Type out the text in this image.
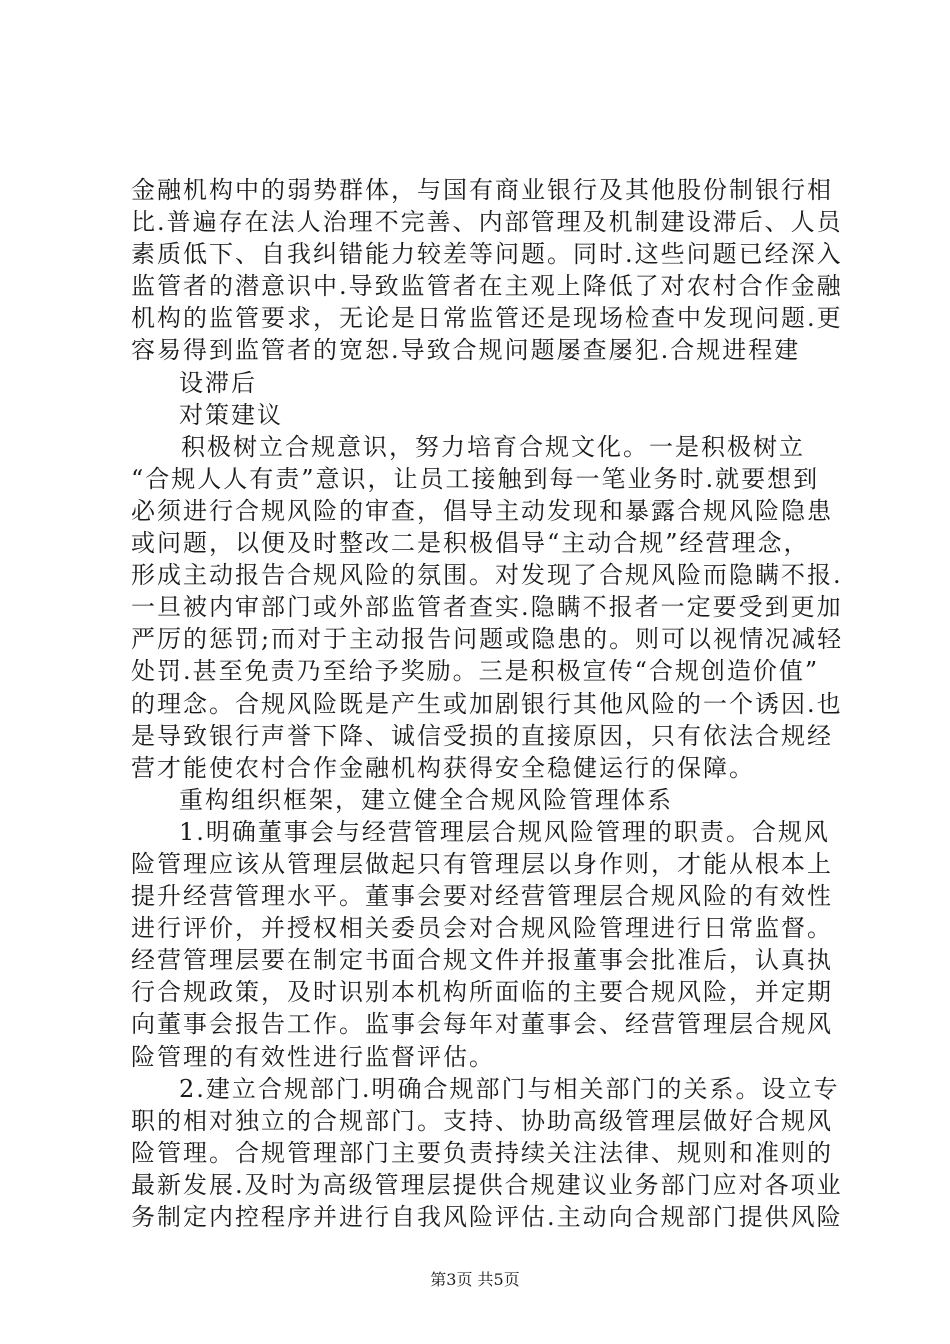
金融机构中的弱势群体，与国有商业银行及其他股份制银行相
比.普遍存在法人治理不完善、内部管理及机制建设滞后、人员
素质低下、自我纠错能力较差等问题。同时.这些问题已经深入
监管者的潜意识中.导致监管者在主观上降低了对农村合作金融
机构的监管要求，无论是日常监管还是现场检查中发现问题.更
容易得到监管者的宽恕.导致合规问题屡查屡犯.合规进程建
设滞后
对策建议
积极树立合规意识，努力培育合规文化。一是积极树立
“合规人人有责”意识，让员工接触到每一笔业务时.就要想到
必须进行合规风险的审查，倡导主动发现和暴露合规风险隐患
或问题，以便及时整改二是积极倡导“主动合规”经营理念，
形成主动报告合规风险的氛围。对发现了合规风险而隐瞒不报.
一旦被内审部门或外部监管者查实.隐瞒不报者一定要受到更加
严厉的惩罚;而对于主动报告问题或隐患的。则可以视情况减轻
处罚.甚至免责乃至给予奖励。三是积极宣传“合规创造价值”
的理念。合规风险既是产生或加剧银行其他风险的一个诱因.也
是导致银行声誉下降、诚信受损的直接原因，只有依法合规经
营才能使农村合作金融机构获得安全稳健运行的保障。
重构组织框架，建立健全合规风险管理体系
1.明确董事会与经营管理层合规风险管理的职责。合规风
险管理应该从管理层做起只有管理层以身作则，才能从根本上
提升经营管理水平。董事会要对经营管理层合规风险的有效性
进行评价，并授权相关委员会对合规风险管理进行日常监督。
经营管理层要在制定书面合规文件并报董事会批准后，认真执
行合规政策，及时识别本机构所面临的主要合规风险，并定期
向董事会报告工作。监事会每年对董事会、经营管理层合规风
险管理的有效性进行监督评估。
2.建立合规部门.明确合规部门与相关部门的关系。设立专
职的相对独立的合规部门。支持、协助高级管理层做好合规风
险管理。合规管理部门主要负责持续关注法律、规则和准则的
最新发展.及时为高级管理层提供合规建议业务部门应对各项业
务制定内控程序并进行自我风险评估.主动向合规部门提供风险
第3页 共5页
